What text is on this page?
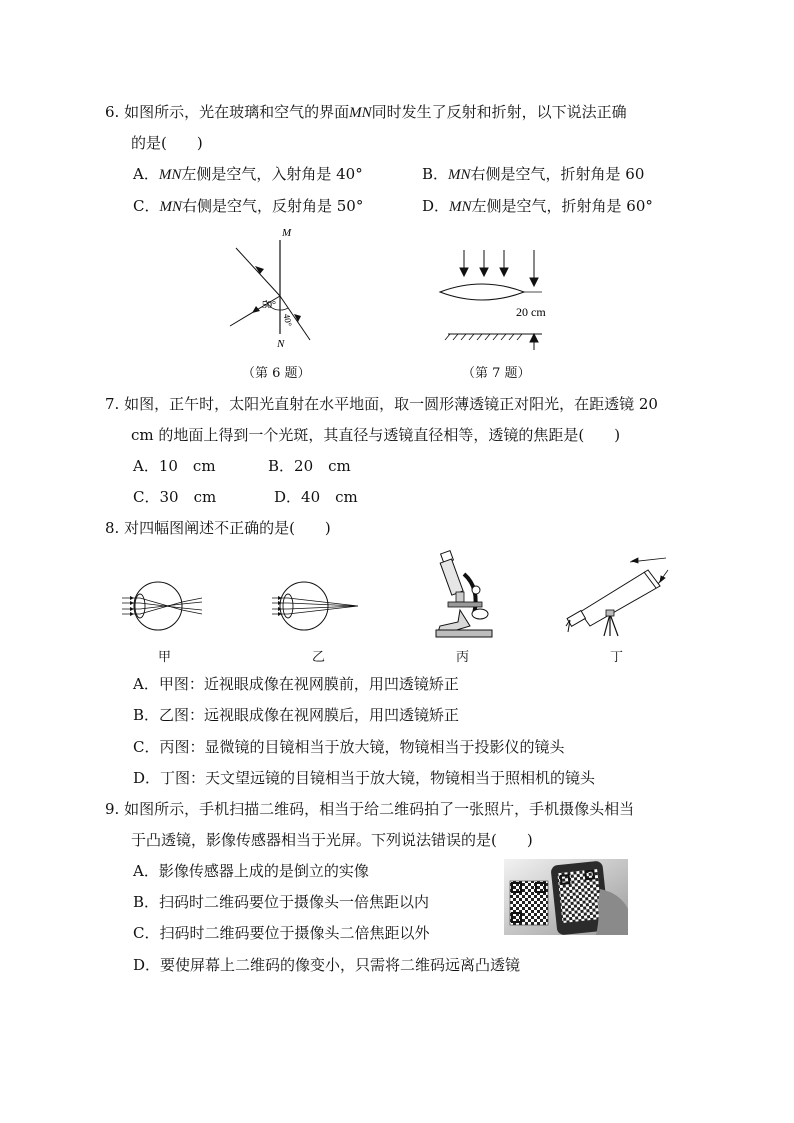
6. 如图所示，光在玻璃和空气的界面MN同时发生了反射和折射，以下说法正确
的是(　　)
A．MN左侧是空气，入射角是 40°	B．MN右侧是空气，折射角是 60
C．MN右侧是空气，反射角是 50°	D．MN左侧是空气，折射角是 60°
M
N
50°
40°
（第 6 题）
20 cm
（第 7 题）
7. 如图，正午时，太阳光直射在水平地面，取一圆形薄透镜正对阳光，在距透镜 20
cm 的地面上得到一个光斑，其直径与透镜直径相等，透镜的焦距是(　　)
A．10　cm	B．20　cm
C．30　cm	D．40　cm
8. 对四幅图阐述不正确的是(　　)
甲	乙	丙	丁
A．甲图：近视眼成像在视网膜前，用凹透镜矫正
B．乙图：远视眼成像在视网膜后，用凹透镜矫正
C．丙图：显微镜的目镜相当于放大镜，物镜相当于投影仪的镜头
D．丁图：天文望远镜的目镜相当于放大镜，物镜相当于照相机的镜头
9. 如图所示，手机扫描二维码，相当于给二维码拍了一张照片，手机摄像头相当
于凸透镜，影像传感器相当于光屏。下列说法错误的是(　　)
A．影像传感器上成的是倒立的实像
B．扫码时二维码要位于摄像头一倍焦距以内
C．扫码时二维码要位于摄像头二倍焦距以外
D．要使屏幕上二维码的像变小，只需将二维码远离凸透镜
